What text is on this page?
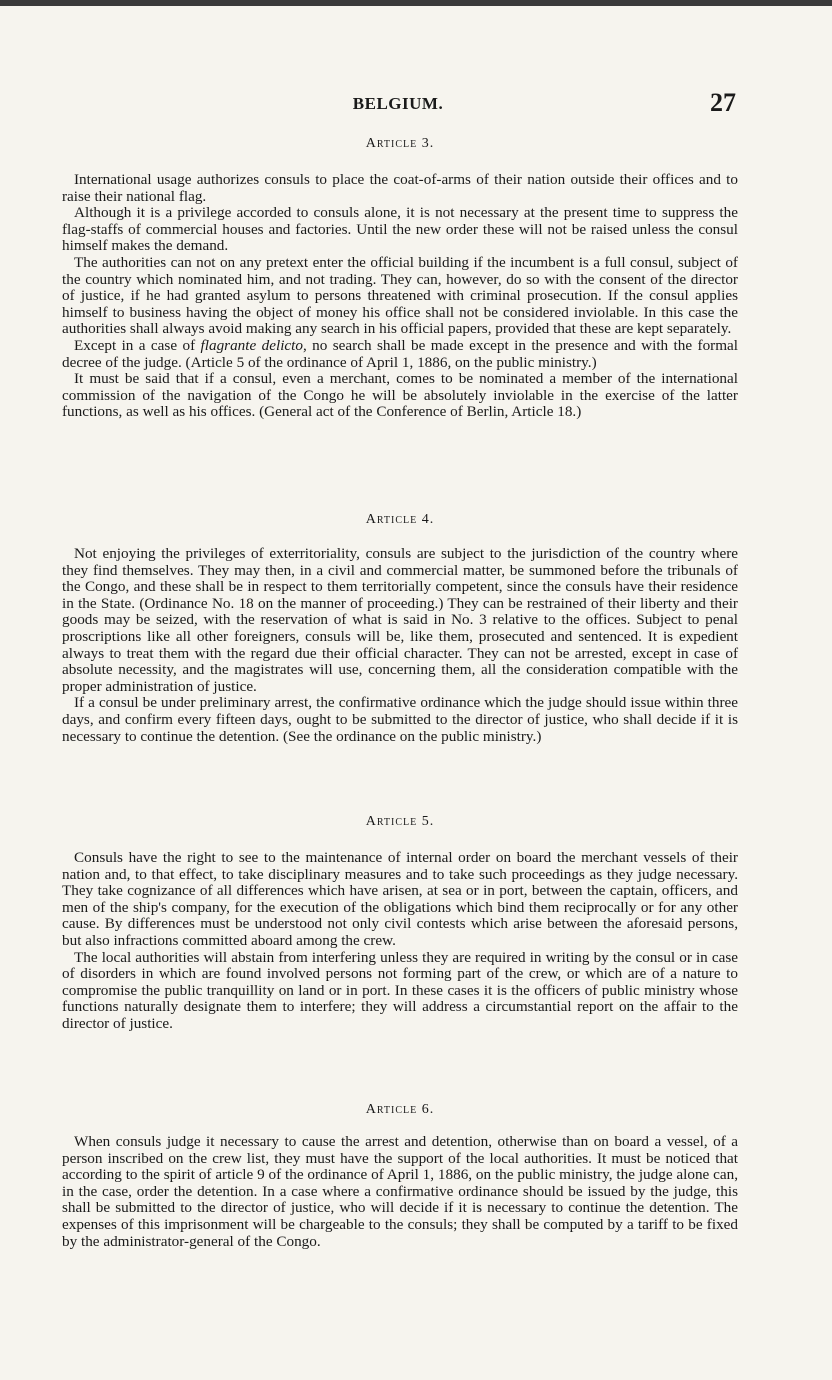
BELGIUM.	27
Article 3.

International usage authorizes consuls to place the coat-of-arms of their nation outside their offices and to raise their national flag.

Although it is a privilege accorded to consuls alone, it is not necessary at the present time to suppress the flag-staffs of commercial houses and factories. Until the new order these will not be raised unless the consul himself makes the demand.

The authorities can not on any pretext enter the official building if the incumbent is a full consul, subject of the country which nominated him, and not trading. They can, however, do so with the consent of the director of justice, if he had granted asylum to persons threatened with criminal prosecution. If the consul applies himself to business having the object of money his office shall not be considered inviolable. In this case the authorities shall always avoid making any search in his official papers, provided that these are kept separately.

Except in a case of flagrante delicto, no search shall be made except in the presence and with the formal decree of the judge. (Article 5 of the ordinance of April 1, 1886, on the public ministry.)

It must be said that if a consul, even a merchant, comes to be nominated a member of the international commission of the navigation of the Congo he will be absolutely inviolable in the exercise of the latter functions, as well as his offices. (General act of the Conference of Berlin, Article 18.)

Article 4.

Not enjoying the privileges of exterritoriality, consuls are subject to the jurisdiction of the country where they find themselves. They may then, in a civil and commercial matter, be summoned before the tribunals of the Congo, and these shall be in respect to them territorially competent, since the consuls have their residence in the State. (Ordinance No. 18 on the manner of proceeding.) They can be restrained of their liberty and their goods may be seized, with the reservation of what is said in No. 3 relative to the offices. Subject to penal proscriptions like all other foreigners, consuls will be, like them, prosecuted and sentenced. It is expedient always to treat them with the regard due their official character. They can not be arrested, except in case of absolute necessity, and the magistrates will use, concerning them, all the consideration compatible with the proper administration of justice.

If a consul be under preliminary arrest, the confirmative ordinance which the judge should issue within three days, and confirm every fifteen days, ought to be submitted to the director of justice, who shall decide if it is necessary to continue the detention. (See the ordinance on the public ministry.)

Article 5.

Consuls have the right to see to the maintenance of internal order on board the merchant vessels of their nation and, to that effect, to take disciplinary measures and to take such proceedings as they judge necessary. They take cognizance of all differences which have arisen, at sea or in port, between the captain, officers, and men of the ship's company, for the execution of the obligations which bind them reciprocally or for any other cause. By differences must be understood not only civil contests which arise between the aforesaid persons, but also infractions committed aboard among the crew.

The local authorities will abstain from interfering unless they are required in writing by the consul or in case of disorders in which are found involved persons not forming part of the crew, or which are of a nature to compromise the public tranquillity on land or in port. In these cases it is the officers of public ministry whose functions naturally designate them to interfere; they will address a circumstantial report on the affair to the director of justice.

Article 6.

When consuls judge it necessary to cause the arrest and detention, otherwise than on board a vessel, of a person inscribed on the crew list, they must have the support of the local authorities. It must be noticed that according to the spirit of article 9 of the ordinance of April 1, 1886, on the public ministry, the judge alone can, in the case, order the detention. In a case where a confirmative ordinance should be issued by the judge, this shall be submitted to the director of justice, who will decide if it is necessary to continue the detention. The expenses of this imprisonment will be chargeable to the consuls; they shall be computed by a tariff to be fixed by the administrator-general of the Congo.
